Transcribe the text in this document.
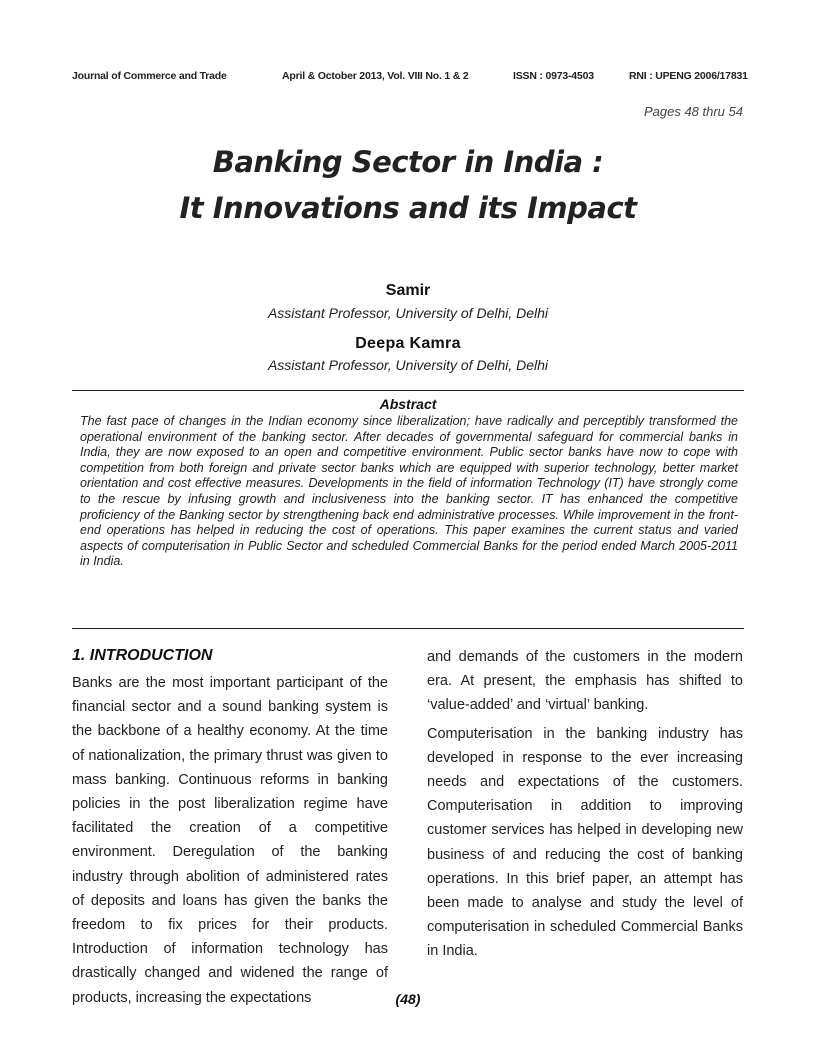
Journal of Commerce and Trade	April & October 2013, Vol. VIII No. 1 & 2	ISSN : 0973-4503	RNI : UPENG 2006/17831
Pages 48 thru 54
Banking Sector in India :
It Innovations and its Impact
Samir
Assistant Professor, University of Delhi, Delhi
Deepa Kamra
Assistant Professor, University of Delhi, Delhi
Abstract
The fast pace of changes in the Indian economy since liberalization; have radically and perceptibly transformed the operational environment of the banking sector. After decades of governmental safeguard for commercial banks in India, they are now exposed to an open and competitive environment. Public sector banks have now to cope with competition from both foreign and private sector banks which are equipped with superior technology, better market orientation and cost effective measures. Developments in the field of information Technology (IT) have strongly come to the rescue by infusing growth and inclusiveness into the banking sector. IT has enhanced the competitive proficiency of the Banking sector by strengthening back end administrative processes. While improvement in the front-end operations has helped in reducing the cost of operations. This paper examines the current status and varied aspects of computerisation in Public Sector and scheduled Commercial Banks for the period ended March 2005-2011 in India.
1. INTRODUCTION

Banks are the most important participant of the financial sector and a sound banking system is the backbone of a healthy economy. At the time of nationalization, the primary thrust was given to mass banking. Continuous reforms in banking policies in the post liberalization regime have facilitated the creation of a competitive environment. Deregulation of the banking industry through abolition of administered rates of deposits and loans has given the banks the freedom to fix prices for their products. Introduction of information technology has drastically changed and widened the range of products, increasing the expectations

and demands of the customers in the modern era. At present, the emphasis has shifted to ‘value-added’ and ‘virtual’ banking.

Computerisation in the banking industry has developed in response to the ever increasing needs and expectations of the customers. Computerisation in addition to improving customer services has helped in developing new business of and reducing the cost of banking operations. In this brief paper, an attempt has been made to analyse and study the level of computerisation in scheduled Commercial Banks in India.

(48)
